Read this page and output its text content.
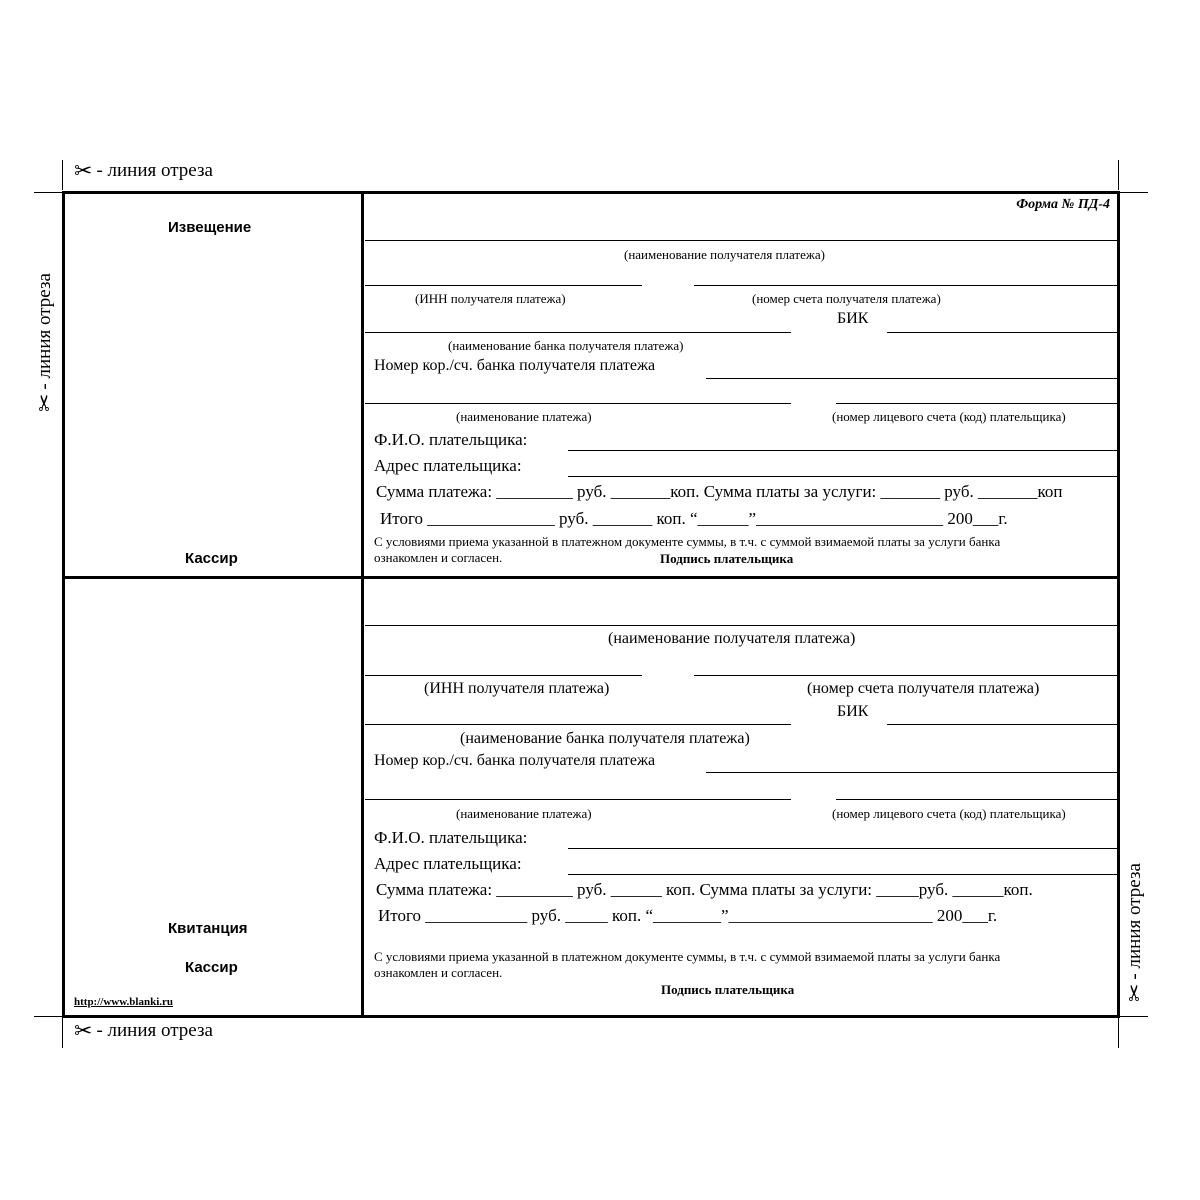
✂ - линия отреза
✂ - линия отреза
✂
- линия отреза
✂
- линия отреза
Извещение
Кассир
Форма № ПД-4
(наименование получателя платежа)
(ИНН получателя платежа)	(номер счета получателя платежа)
БИК
(наименование банка получателя платежа)
Номер кор./сч. банка получателя платежа
(наименование платежа)	(номер лицевого счета (код) плательщика)
Ф.И.О. плательщика:
Адрес плательщика:
Сумма платежа: _________ руб. _______коп. Сумма платы за услуги: _______ руб. _______коп
Итого _______________ руб. _______ коп. “______”______________________ 200___г.
С условиями приема указанной в платежном документе суммы, в т.ч. с суммой взимаемой платы за услуги банка
ознакомлен и согласен.	Подпись плательщика
Квитанция
Кассир
http://www.blanki.ru
(наименование получателя платежа)
(ИНН получателя платежа)	(номер счета получателя платежа)
БИК
(наименование банка получателя платежа)
Номер кор./сч. банка получателя платежа
(наименование платежа)	(номер лицевого счета (код) плательщика)
Ф.И.О. плательщика:
Адрес плательщика:
Сумма платежа: _________ руб. ______ коп. Сумма платы за услуги: _____руб. ______коп.
Итого ____________ руб. _____ коп. “________”________________________ 200___г.
С условиями приема указанной в платежном документе суммы, в т.ч. с суммой взимаемой платы за услуги банка
ознакомлен и согласен.
Подпись плательщика
